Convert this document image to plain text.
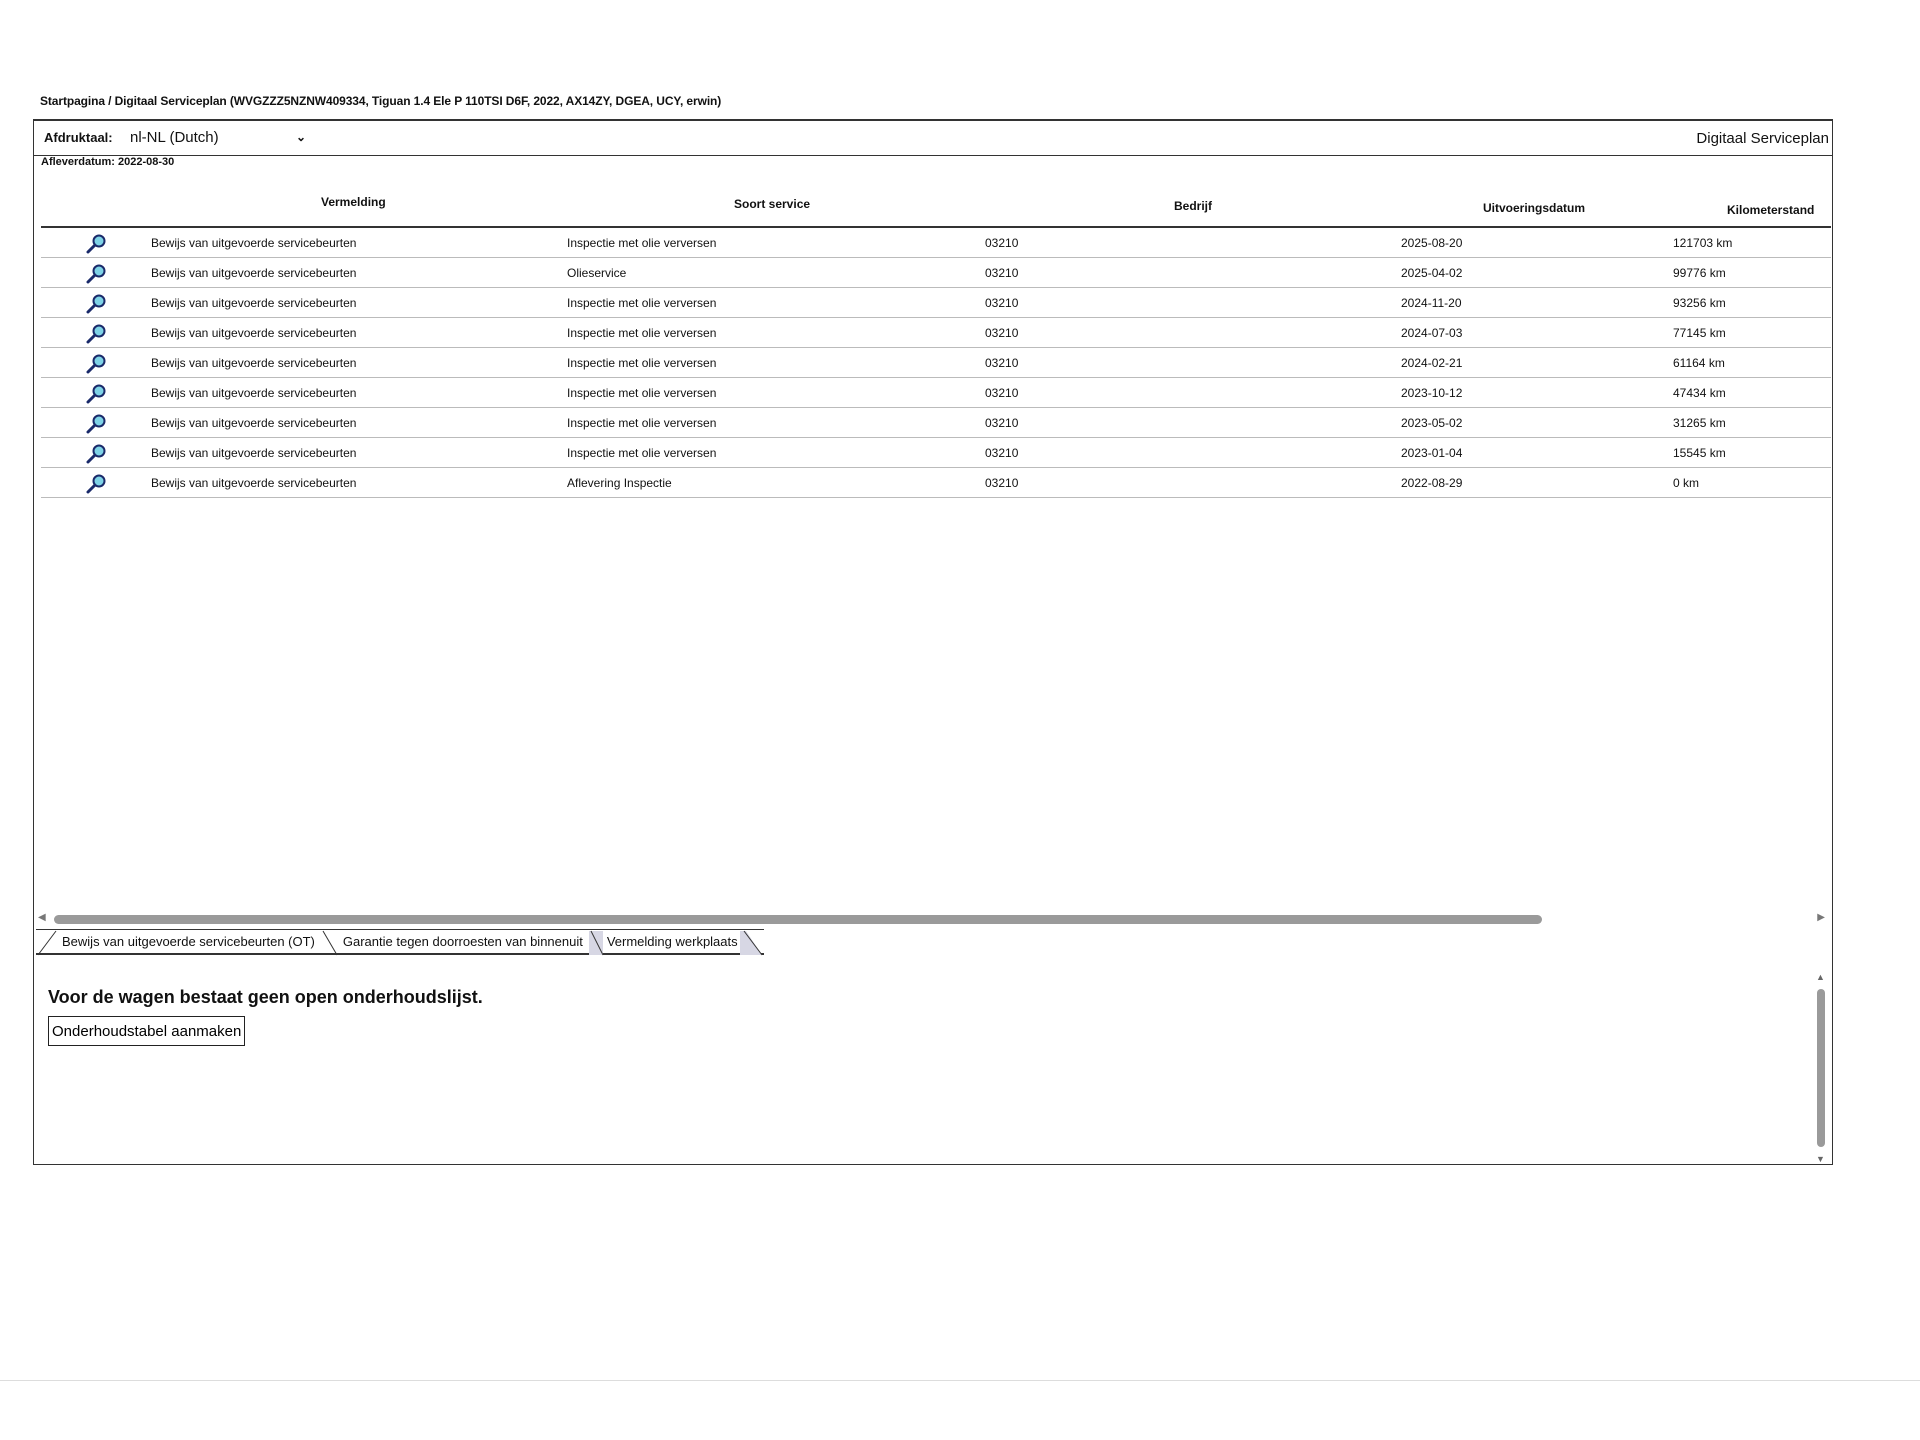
Startpagina / Digitaal Serviceplan (WVGZZZ5NZNW409334, Tiguan 1.4 Ele P 110TSI D6F, 2022, AX14ZY, DGEA, UCY, erwin)
Afdruktaal: nl-NL (Dutch)	⌄	Digitaal Serviceplan
Afleverdatum: 2022-08-30
Vermelding	Soort service	Bedrijf	Uitvoeringsdatum	Kilometerstand
Bewijs van uitgevoerde servicebeurten	Inspectie met olie verversen	03210	2025-08-20	121703 km
Bewijs van uitgevoerde servicebeurten	Olieservice	03210	2025-04-02	99776 km
Bewijs van uitgevoerde servicebeurten	Inspectie met olie verversen	03210	2024-11-20	93256 km
Bewijs van uitgevoerde servicebeurten	Inspectie met olie verversen	03210	2024-07-03	77145 km
Bewijs van uitgevoerde servicebeurten	Inspectie met olie verversen	03210	2024-02-21	61164 km
Bewijs van uitgevoerde servicebeurten	Inspectie met olie verversen	03210	2023-10-12	47434 km
Bewijs van uitgevoerde servicebeurten	Inspectie met olie verversen	03210	2023-05-02	31265 km
Bewijs van uitgevoerde servicebeurten	Inspectie met olie verversen	03210	2023-01-04	15545 km
Bewijs van uitgevoerde servicebeurten	Aflevering Inspectie	03210	2022-08-29	0 km
◀	▶
Bewijs van uitgevoerde servicebeurten (OT)	Garantie tegen doorroesten van binnenuit	Vermelding werkplaats
Voor de wagen bestaat geen open onderhoudslijst.
Onderhoudstabel aanmaken
▲
▼
